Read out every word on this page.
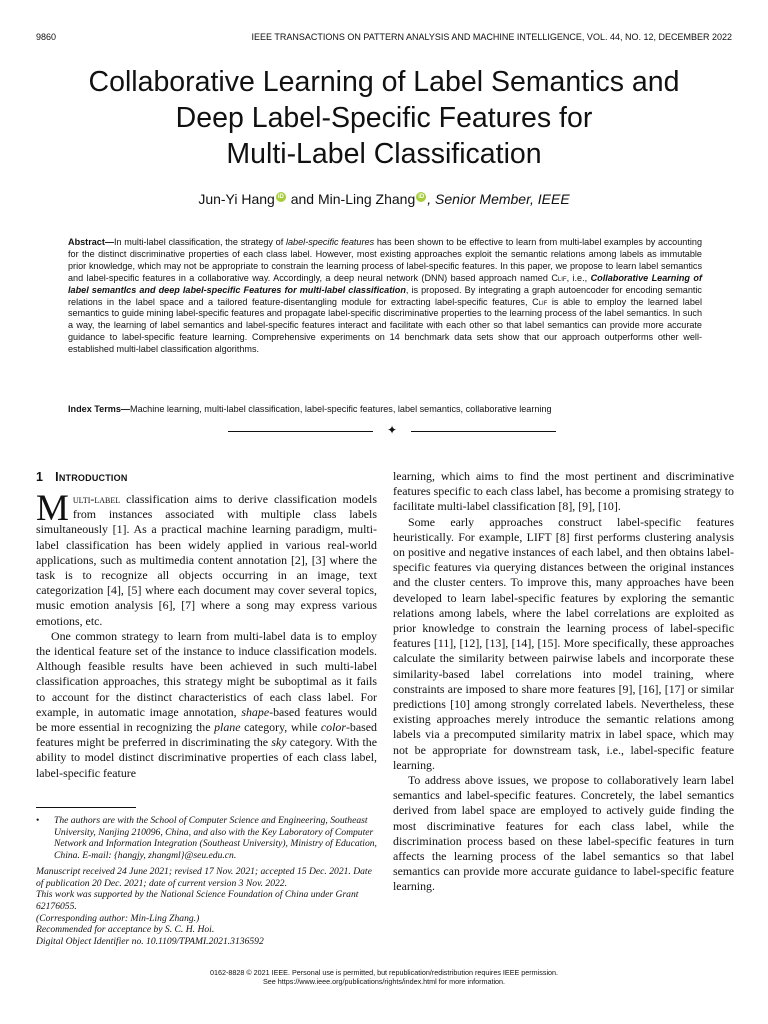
9860	IEEE TRANSACTIONS ON PATTERN ANALYSIS AND MACHINE INTELLIGENCE, VOL. 44, NO. 12, DECEMBER 2022
Collaborative Learning of Label Semantics and
Deep Label-Specific Features for
Multi-Label Classification
Jun-Yi Hang iD and Min-Ling Zhang iD , Senior Member, IEEE

Abstract—In multi-label classification, the strategy of label-specific features has been shown to be effective to learn from multi-label examples by accounting for the distinct discriminative properties of each class label. However, most existing approaches exploit the semantic relations among labels as immutable prior knowledge, which may not be appropriate to constrain the learning process of label-specific features. In this paper, we propose to learn label semantics and label-specific features in a collaborative way. Accordingly, a deep neural network (DNN) based approach named Clif, i.e., Collaborative Learning of label semantIcs and deep label-specific Features for multi-label classification, is proposed. By integrating a graph autoencoder for encoding semantic relations in the label space and a tailored feature-disentangling module for extracting label-specific features, Clif is able to employ the learned label semantics to guide mining label-specific features and propagate label-specific discriminative properties to the learning process of the label semantics. In such a way, the learning of label semantics and label-specific features interact and facilitate with each other so that label semantics can provide more accurate guidance to label-specific feature learning. Comprehensive experiments on 14 benchmark data sets show that our approach outperforms other well-established multi-label classification algorithms.

Index Terms—Machine learning, multi-label classification, label-specific features, label semantics, collaborative learning

✦
1 Introduction

Multi-label classification aims to derive classification models from instances associated with multiple class labels simultaneously [1]. As a practical machine learning paradigm, multi-label classification has been widely applied in various real-world applications, such as multimedia content annotation [2], [3] where the task is to recognize all objects occurring in an image, text categorization [4], [5] where each document may cover several topics, music emotion analysis [6], [7] where a song may express various emotions, etc.

One common strategy to learn from multi-label data is to employ the identical feature set of the instance to induce classification models. Although feasible results have been achieved in such multi-label classification approaches, this strategy might be suboptimal as it fails to account for the distinct characteristics of each class label. For example, in automatic image annotation, shape-based features would be more essential in recognizing the plane category, while color-based features might be preferred in discriminating the sky category. With the ability to model distinct discriminative properties of each class label, label-specific feature

•	The authors are with the School of Computer Science and Engineering, Southeast University, Nanjing 210096, China, and also with the Key Laboratory of Computer Network and Information Integration (Southeast University), Ministry of Education, China. E-mail: {hangjy, zhangml}@seu.edu.cn.

Manuscript received 24 June 2021; revised 17 Nov. 2021; accepted 15 Dec. 2021. Date of publication 20 Dec. 2021; date of current version 3 Nov. 2022.

This work was supported by the National Science Foundation of China under Grant 62176055.

(Corresponding author: Min-Ling Zhang.)

Recommended for acceptance by S. C. H. Hoi.

Digital Object Identifier no. 10.1109/TPAMI.2021.3136592

learning, which aims to find the most pertinent and discriminative features specific to each class label, has become a promising strategy to facilitate multi-label classification [8], [9], [10].

Some early approaches construct label-specific features heuristically. For example, LIFT [8] first performs clustering analysis on positive and negative instances of each label, and then obtains label-specific features via querying distances between the original instances and the cluster centers. To improve this, many approaches have been developed to learn label-specific features by exploring the semantic relations among labels, where the label correlations are exploited as prior knowledge to constrain the learning process of label-specific features [11], [12], [13], [14], [15]. More specifically, these approaches calculate the similarity between pairwise labels and incorporate these similarity-based label correlations into model training, where constraints are imposed to share more features [9], [16], [17] or similar predictions [10] among strongly correlated labels. Nevertheless, these existing approaches merely introduce the semantic relations among labels via a precomputed similarity matrix in label space, which may not be appropriate for downstream task, i.e., label-specific feature learning.

To address above issues, we propose to collaboratively learn label semantics and label-specific features. Concretely, the label semantics derived from label space are employed to actively guide finding the most discriminative features for each class label, while the discrimination process based on these label-specific features in turn affects the learning process of the label semantics so that label semantics can provide more accurate guidance to label-specific feature learning.

0162-8828 © 2021 IEEE. Personal use is permitted, but republication/redistribution requires IEEE permission.

See https://www.ieee.org/publications/rights/index.html for more information.
